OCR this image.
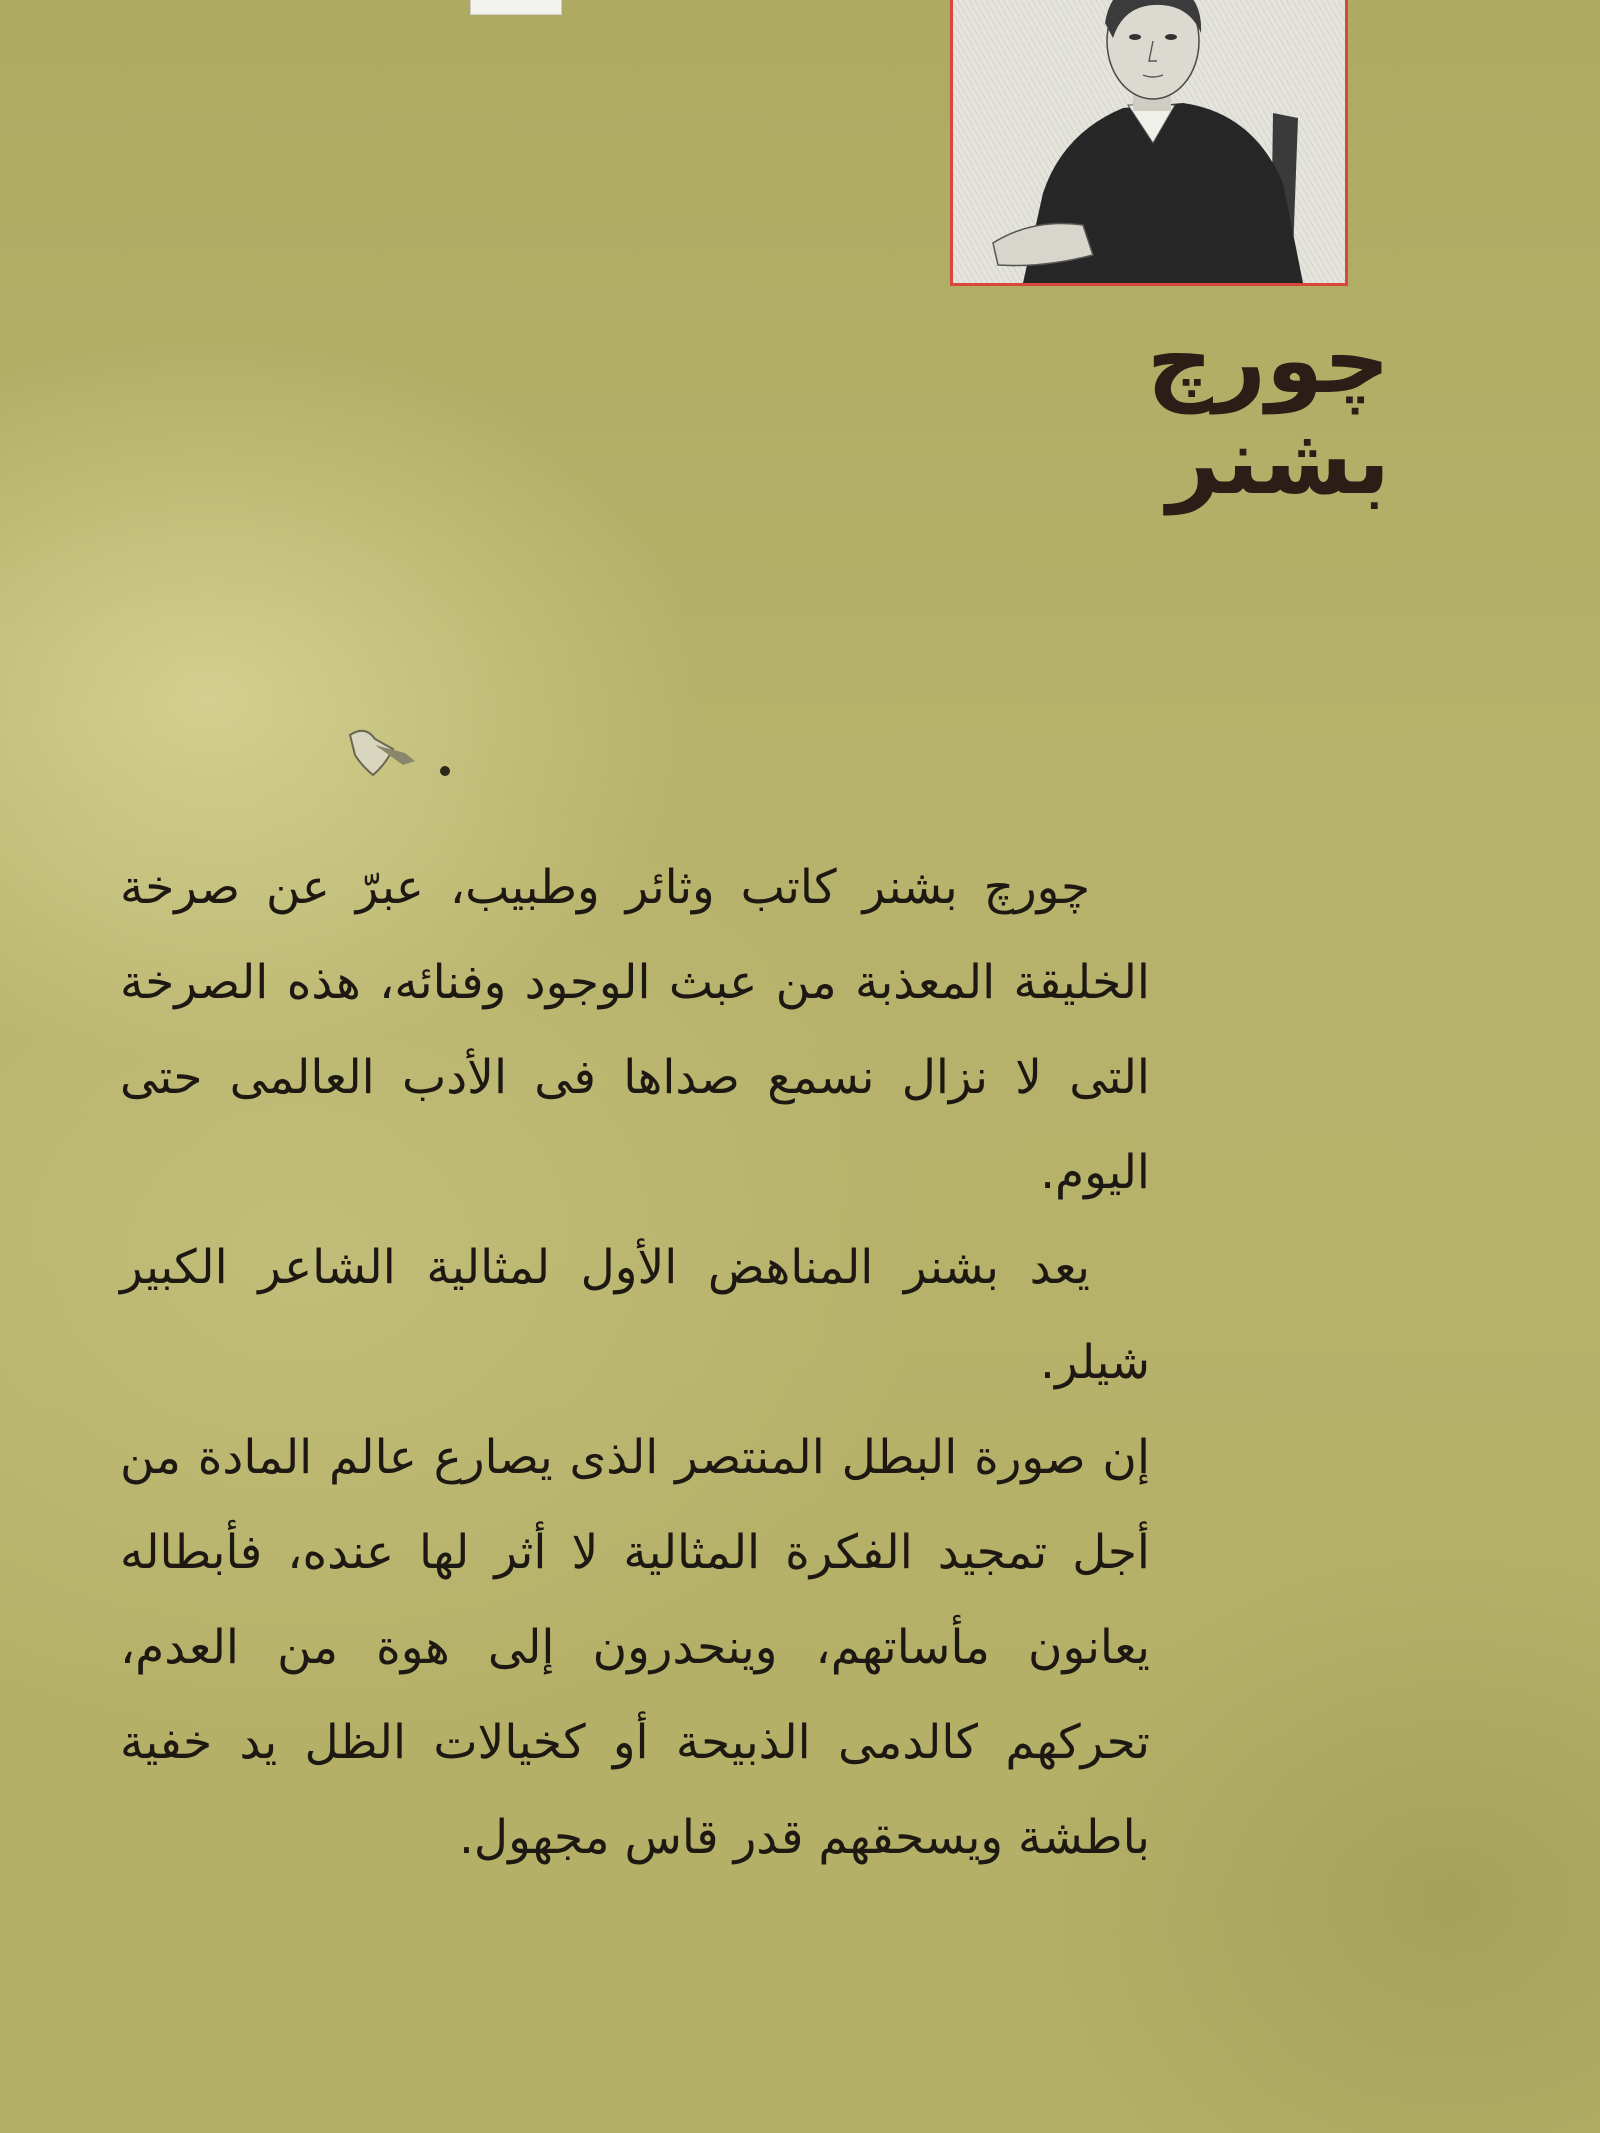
چورچ بشنر

چورچ بشنر كاتب وثائر وطبيب، عبرّ عن صرخة الخليقة المعذبة من عبث الوجود وفنائه، هذه الصرخة التى لا نزال نسمع صداها فى الأدب العالمى حتى اليوم.

يعد بشنر المناهض الأول لمثالية الشاعر الكبير شيلر.

إن صورة البطل المنتصر الذى يصارع عالم المادة من أجل تمجيد الفكرة المثالية لا أثر لها عنده، فأبطاله يعانون مأساتهم، وينحدرون إلى هوة من العدم، تحركهم كالدمى الذبيحة أو كخيالات الظل يد خفية باطشة ويسحقهم قدر قاس مجهول.
